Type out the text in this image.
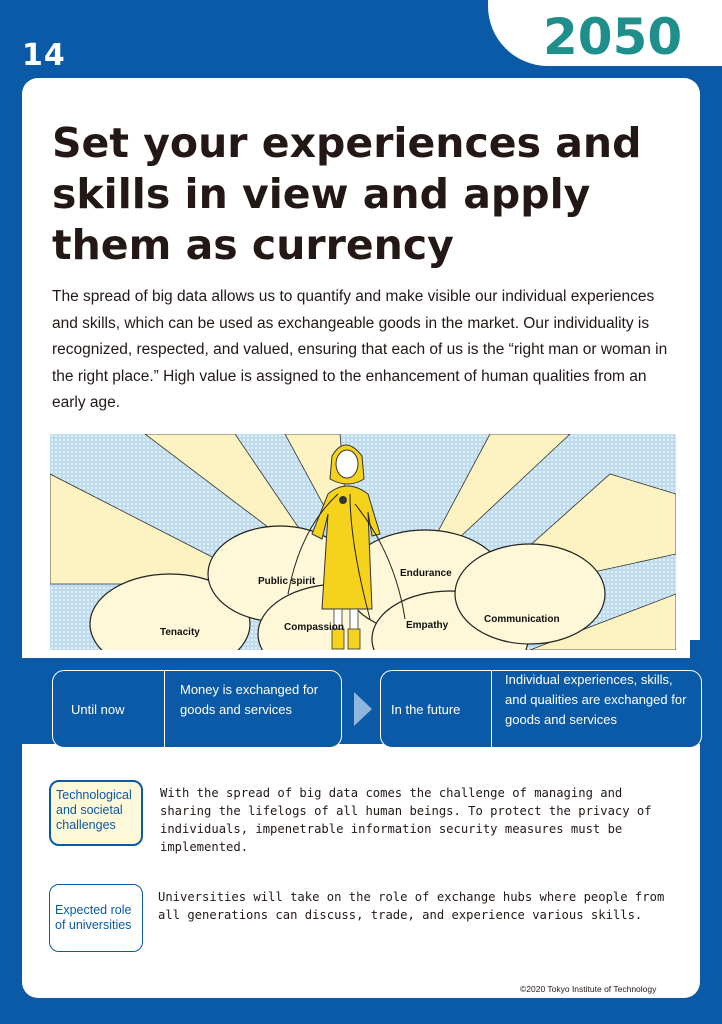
14	2050
Set your experiences and skills in view and apply them as currency

The spread of big data allows us to quantify and make visible our individual experiences and skills, which can be used as exchangeable goods in the market. Our individuality is recognized, respected, and valued, ensuring that each of us is the “right man or woman in the right place.” High value is assigned to the enhancement of human qualities from an early age.

Public spirit
Endurance
Tenacity	Compassion	Empathy
Communication
Until now
Money is exchanged for goods and services	In the future
Individual experiences, skills, and qualities are exchanged for goods and services
Technological and societal challenges

With the spread of big data comes the challenge of managing and sharing the lifelogs of all human beings. To protect the privacy of individuals, impenetrable information security measures must be implemented.

Expected role of universities

Universities will take on the role of exchange hubs where people from all generations can discuss, trade, and experience various skills.

©2020 Tokyo Institute of Technology
